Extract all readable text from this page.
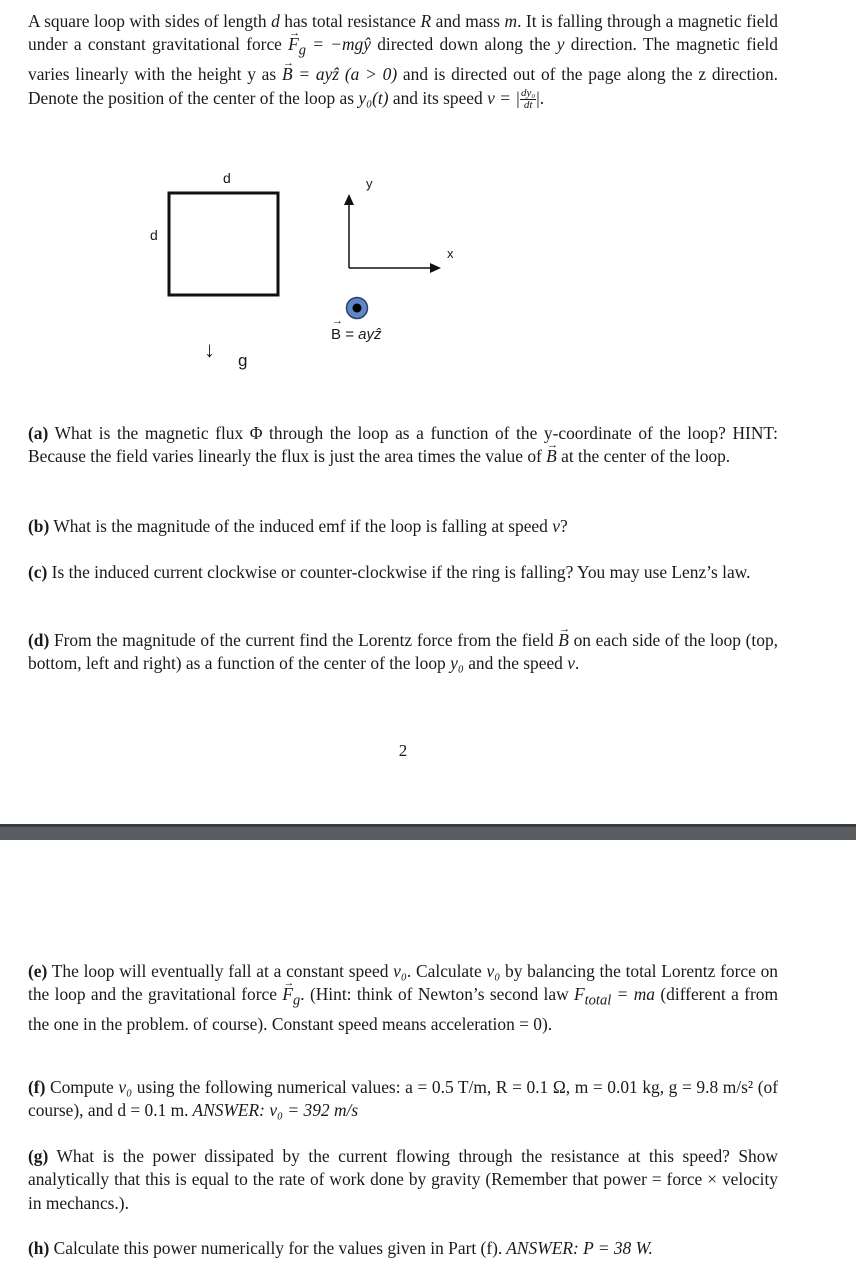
A square loop with sides of length d has total resistance R and mass m. It is falling through a magnetic field under a constant gravitational force → $F_g$ = −mgŷ directed down along the y direction. The magnetic field varies linearly with the height y as → B = ayẑ (a > 0) and is directed out of the page along the z direction. Denote the position of the center of the loop as y₀(t) and its speed v = | $\frac{\text{dy₀}}{dt}$ |.

d
d
y
x
↓ g
→ B = ayẑ

(a) What is the magnetic flux Φ through the loop as a function of the y-coordinate of the loop? HINT: Because the field varies linearly the flux is just the area times the value of → B at the center of the loop.

(b) What is the magnitude of the induced emf if the loop is falling at speed v?

(c) Is the induced current clockwise or counter-clockwise if the ring is falling? You may use Lenz’s law.

(d) From the magnitude of the current find the Lorentz force from the field → B on each side of the loop (top, bottom, left and right) as a function of the center of the loop y₀ and the speed v.

2

(e) The loop will eventually fall at a constant speed v₀. Calculate v₀ by balancing the total Lorentz force on the loop and the gravitational force → $F_g$. (Hint: think of Newton’s second law $F_{total}$ = ma (different a from the one in the problem. of course). Constant speed means acceleration = 0).

(f) Compute v₀ using the following numerical values: a = 0.5 T/m, R = 0.1 Ω, m = 0.01 kg, g = 9.8 m/s² (of course), and d = 0.1 m. ANSWER: v₀ = 392 m/s

(g) What is the power dissipated by the current flowing through the resistance at this speed? Show analytically that this is equal to the rate of work done by gravity (Remember that power = force × velocity in mechancs.).

(h) Calculate this power numerically for the values given in Part (f). ANSWER: P = 38 W.
